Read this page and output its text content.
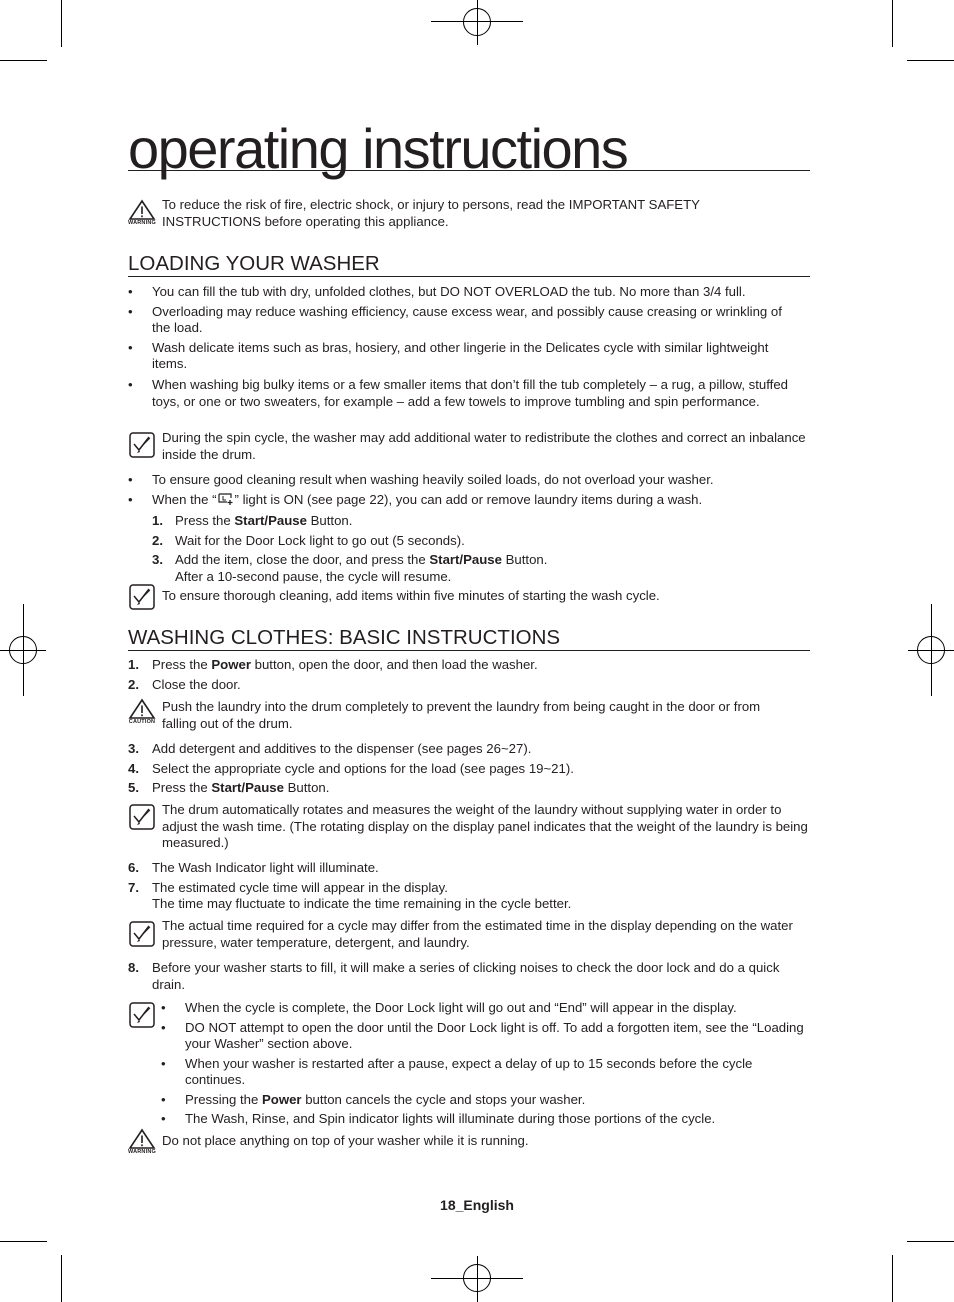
operating instructions
WARNING
To reduce the risk of fire, electric shock, or injury to persons, read the IMPORTANT SAFETY INSTRUCTIONS before operating this appliance.
LOADING YOUR WASHER
• You can fill the tub with dry, unfolded clothes, but DO NOT OVERLOAD the tub. No more than 3/4 full.
• Overloading may reduce washing efficiency, cause excess wear, and possibly cause creasing or wrinkling of the load.
• Wash delicate items such as bras, hosiery, and other lingerie in the Delicates cycle with similar lightweight items.
• When washing big bulky items or a few smaller items that don’t fill the tub completely – a rug, a pillow, stuffed toys, or one or two sweaters, for example – add a few towels to improve tumbling and spin performance.
During the spin cycle, the washer may add additional water to redistribute the clothes and correct an inbalance inside the drum.
• To ensure good cleaning result when washing heavily soiled loads, do not overload your washer.
• When the “ ” light is ON (see page 22), you can add or remove laundry items during a wash.
1. Press the Start/Pause Button.
2. Wait for the Door Lock light to go out (5 seconds).
3. Add the item, close the door, and press the Start/Pause Button.
After a 10-second pause, the cycle will resume.
To ensure thorough cleaning, add items within five minutes of starting the wash cycle.
WASHING CLOTHES: BASIC INSTRUCTIONS
1. Press the Power button, open the door, and then load the washer.
2. Close the door.
CAUTION
Push the laundry into the drum completely to prevent the laundry from being caught in the door or from falling out of the drum.
3. Add detergent and additives to the dispenser (see pages 26~27).
4. Select the appropriate cycle and options for the load (see pages 19~21).
5. Press the Start/Pause Button.
The drum automatically rotates and measures the weight of the laundry without supplying water in order to adjust the wash time. (The rotating display on the display panel indicates that the weight of the laundry is being measured.)
6. The Wash Indicator light will illuminate.
7. The estimated cycle time will appear in the display.
The time may fluctuate to indicate the time remaining in the cycle better.
The actual time required for a cycle may differ from the estimated time in the display depending on the water pressure, water temperature, detergent, and laundry.
8. Before your washer starts to fill, it will make a series of clicking noises to check the door lock and do a quick drain.
• When the cycle is complete, the Door Lock light will go out and “End” will appear in the display.
• DO NOT attempt to open the door until the Door Lock light is off. To add a forgotten item, see the “Loading your Washer” section above.
• When your washer is restarted after a pause, expect a delay of up to 15 seconds before the cycle continues.
• Pressing the Power button cancels the cycle and stops your washer.
• The Wash, Rinse, and Spin indicator lights will illuminate during those portions of the cycle.
WARNING
Do not place anything on top of your washer while it is running.
18_English
